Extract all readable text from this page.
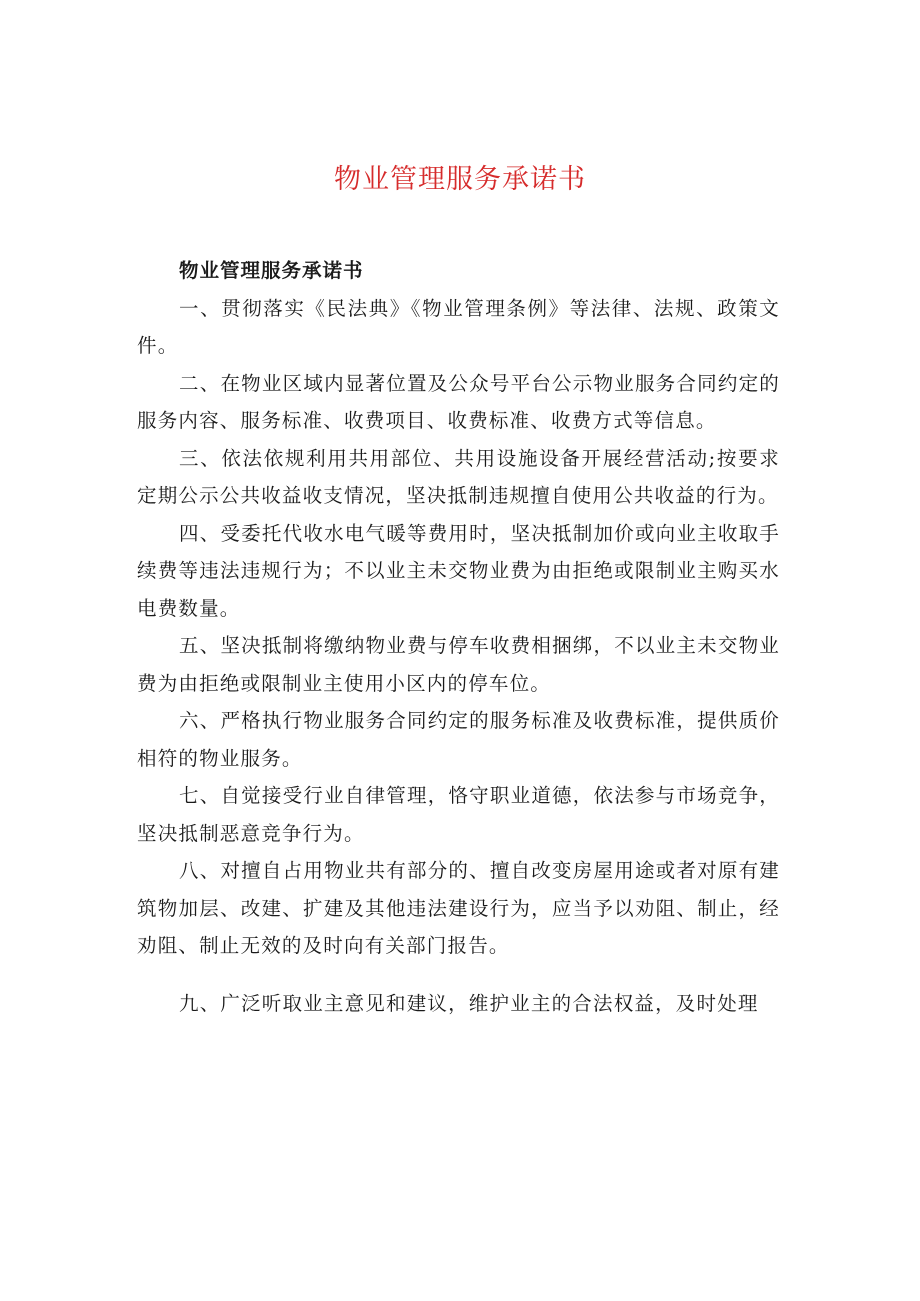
物业管理服务承诺书

物业管理服务承诺书

一、贯彻落实《民法典》《物业管理条例》等法律、法规、政策文件。

二、在物业区域内显著位置及公众号平台公示物业服务合同约定的服务内容、服务标准、收费项目、收费标准、收费方式等信息。

三、依法依规利用共用部位、共用设施设备开展经营活动;按要求定期公示公共收益收支情况，坚决抵制违规擅自使用公共收益的行为。

四、受委托代收水电气暖等费用时，坚决抵制加价或向业主收取手续费等违法违规行为；不以业主未交物业费为由拒绝或限制业主购买水电费数量。

五、坚决抵制将缴纳物业费与停车收费相捆绑，不以业主未交物业费为由拒绝或限制业主使用小区内的停车位。

六、严格执行物业服务合同约定的服务标准及收费标准，提供质价相符的物业服务。

七、自觉接受行业自律管理，恪守职业道德，依法参与市场竞争，坚决抵制恶意竞争行为。

八、对擅自占用物业共有部分的、擅自改变房屋用途或者对原有建筑物加层、改建、扩建及其他违法建设行为，应当予以劝阻、制止，经劝阻、制止无效的及时向有关部门报告。

九、广泛听取业主意见和建议，维护业主的合法权益，及时处理
